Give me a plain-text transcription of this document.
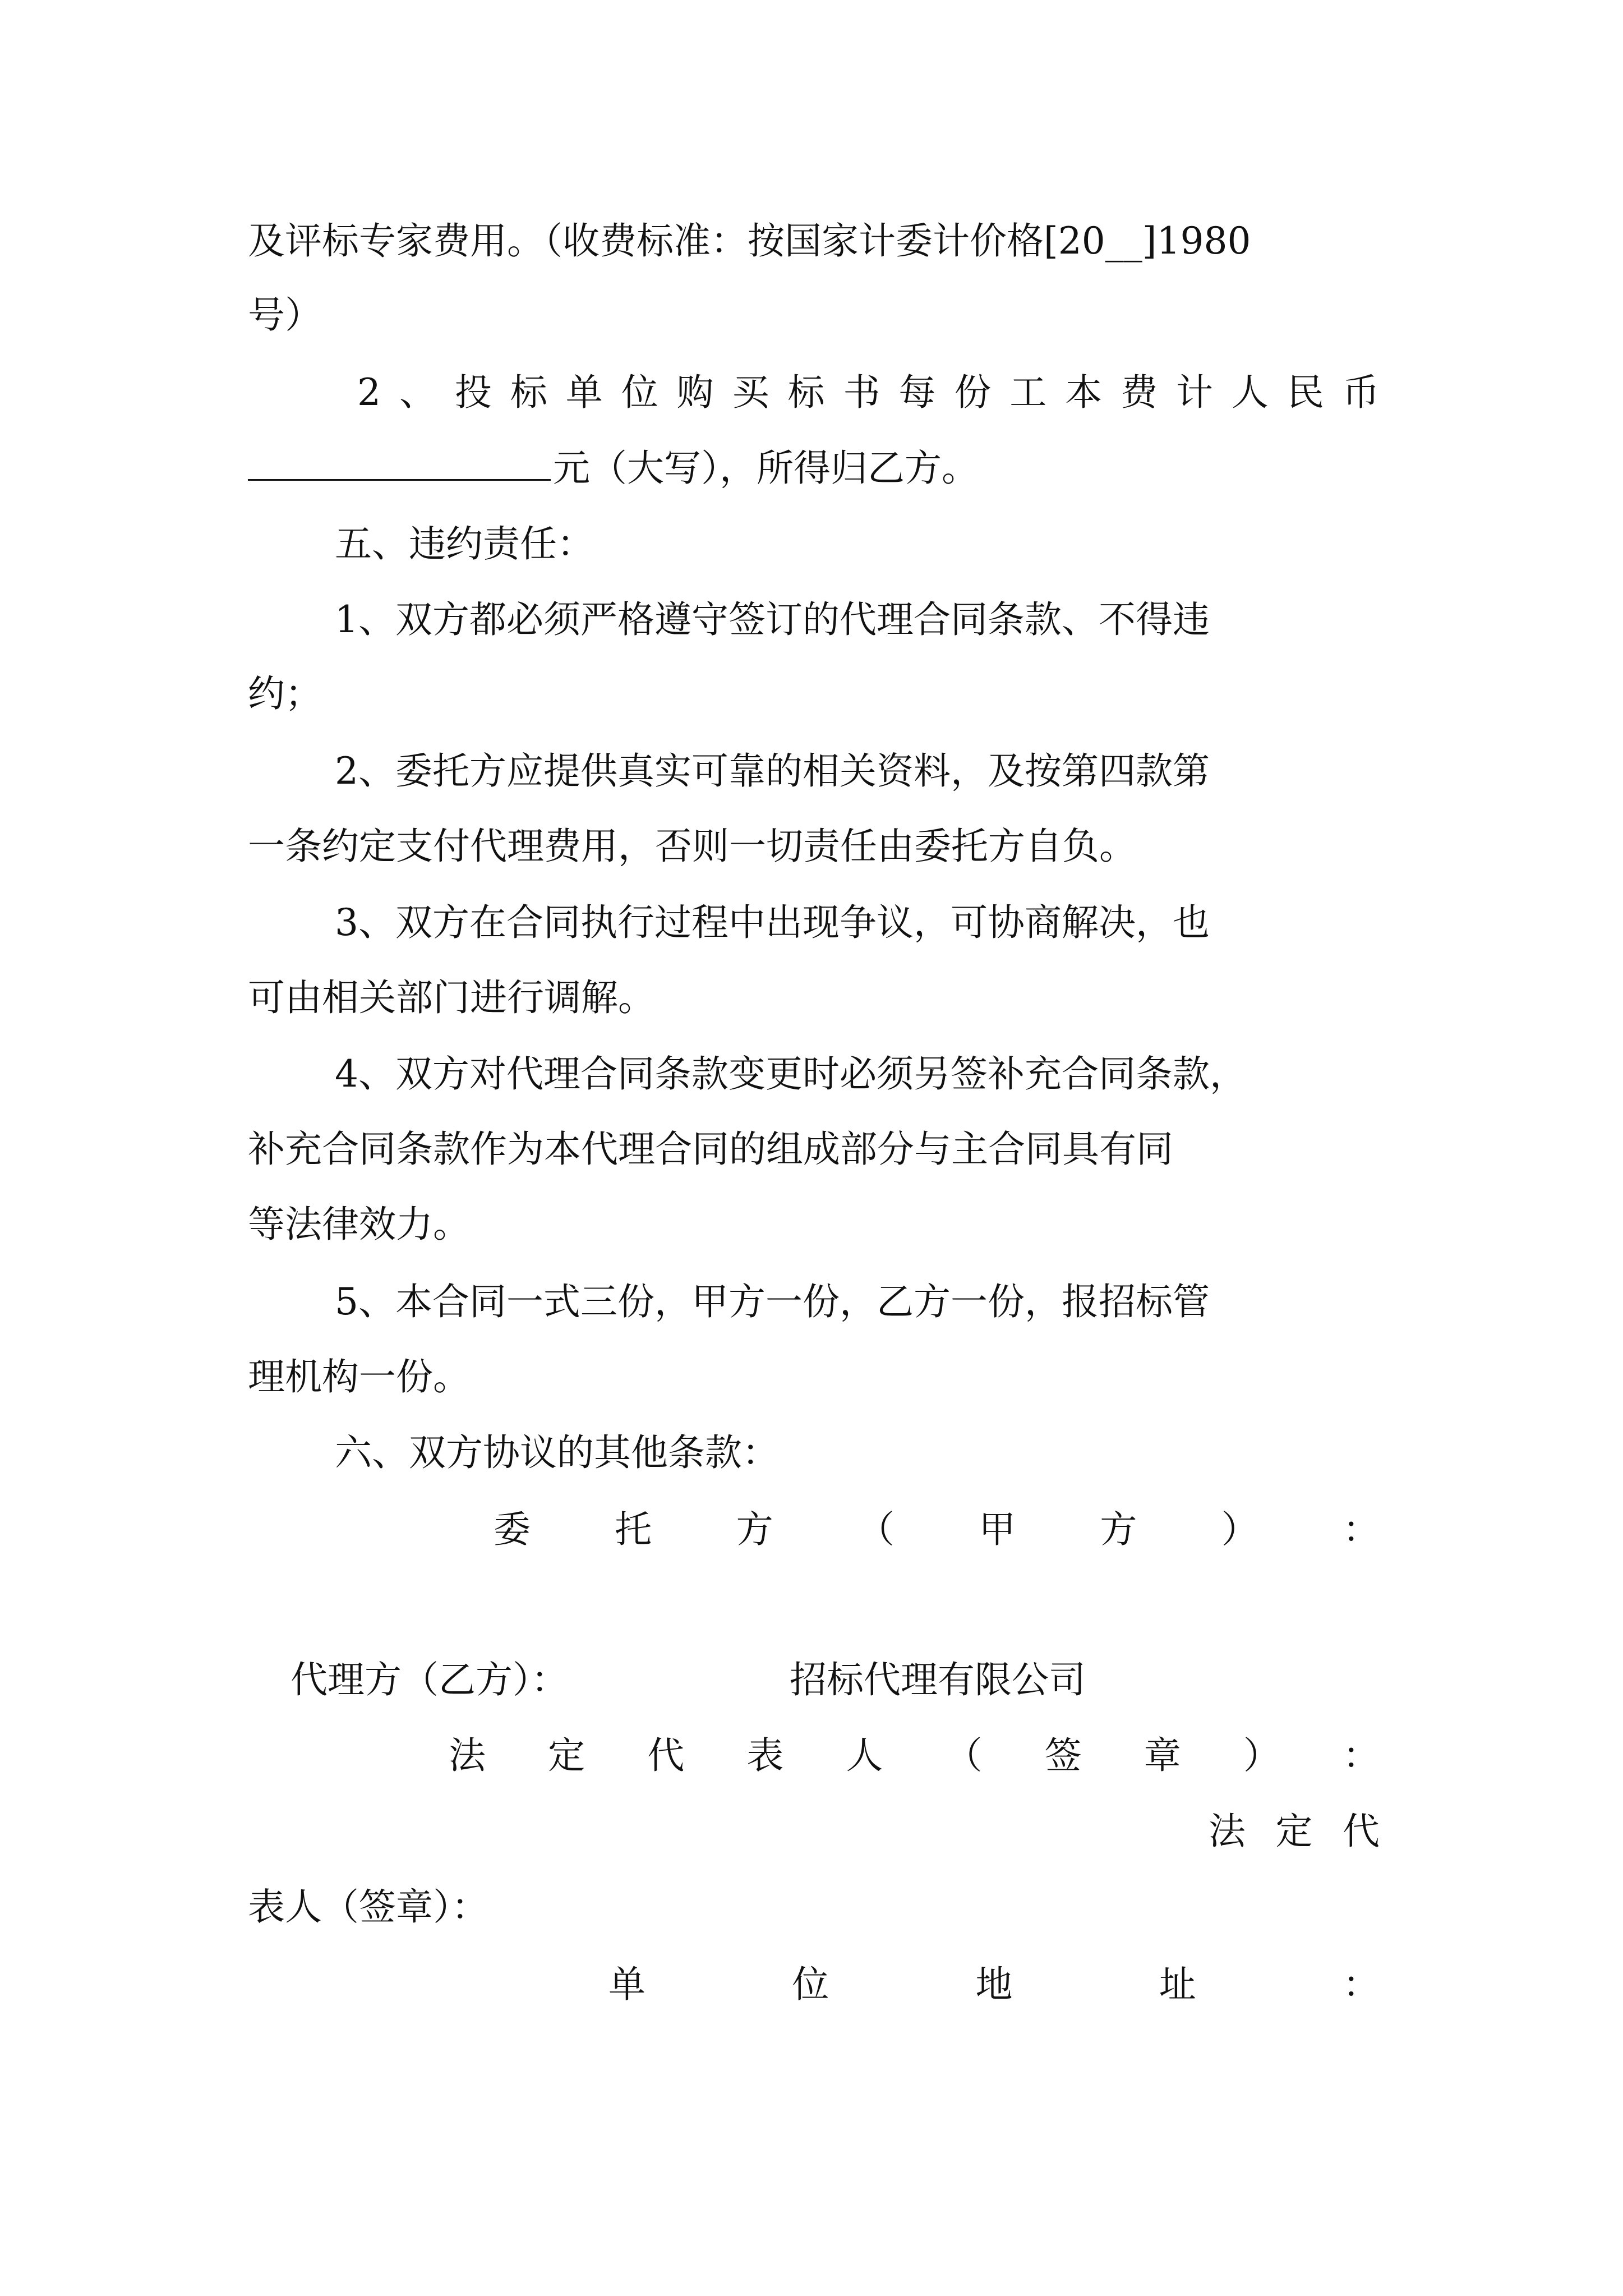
及评标专家费用。（收费标准：按国家计委计价格[20__]1980
号）
2 、 投 标 单 位 购 买 标 书 每 份 工 本 费 计 人 民 币
元（大写），所得归乙方。
五、违约责任：
1、双方都必须严格遵守签订的代理合同条款、不得违
约；
2、委托方应提供真实可靠的相关资料，及按第四款第
一条约定支付代理费用，否则一切责任由委托方自负。
3、双方在合同执行过程中出现争议，可协商解决，也
可由相关部门进行调解。
4、双方对代理合同条款变更时必须另签补充合同条款，
补充合同条款作为本代理合同的组成部分与主合同具有同
等法律效力。
5、本合同一式三份，甲方一份，乙方一份，报招标管
理机构一份。
六、双方协议的其他条款：
委 托 方 （ 甲 方 ） ：
代理方（乙方）：	招标代理有限公司
法 定 代 表 人 （ 签 章 ） ：
法 定 代
表人（签章）：
单	位	地	址	：
